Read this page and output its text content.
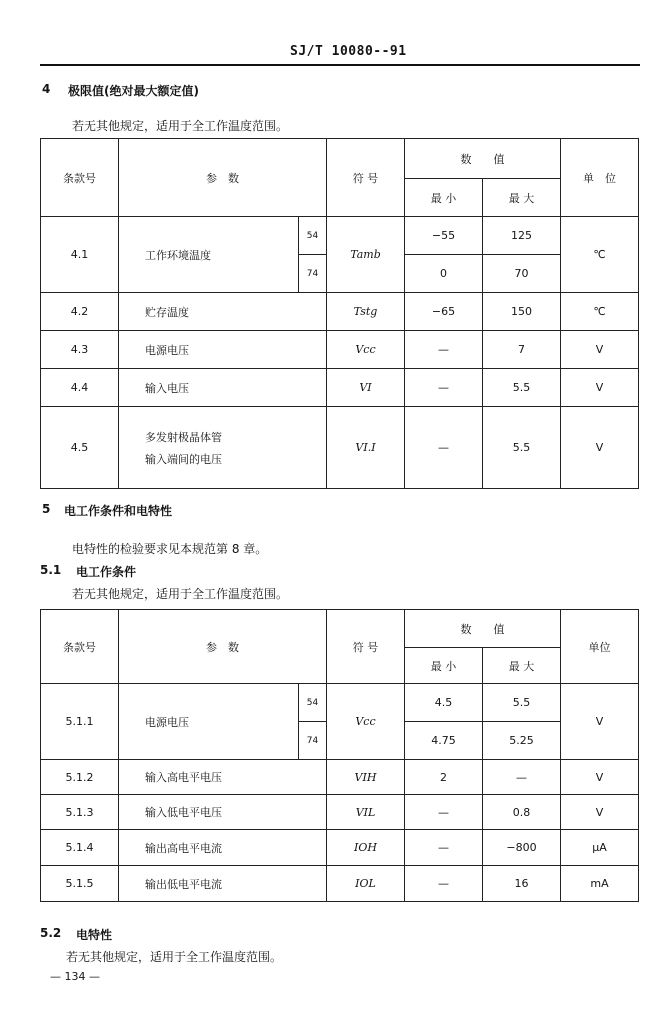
SJ/T 10080--91
4 极限值(绝对最大额定值)
若无其他规定，适用于全工作温度范围。
条款号	参　数		符 号	数　　值		单　位
				最 小	最 大	
4.1	工作环境温度	54	Tamb	−55	125	℃
		74		0	70	
4.2	贮存温度		Tstg	−65	150	℃
4.3	电源电压		Vcc	—	7	V
4.4	输入电压		VI	—	5.5	V
4.5	多发射极晶体管
输入端间的电压		VI.I	—	5.5	V
5 电工作条件和电特性
电特性的检验要求见本规范第 8 章。
5.1 电工作条件
若无其他规定，适用于全工作温度范围。
条款号	参　数		符 号	数　　值		单位
				最 小	最 大	
5.1.1	电源电压	54	Vcc	4.5	5.5	V
		74		4.75	5.25	
5.1.2	输入高电平电压		VIH	2	—	V
5.1.3	输入低电平电压		VIL	—	0.8	V
5.1.4	输出高电平电流		IOH	—	−800	μA
5.1.5	输出低电平电流		IOL	—	16	mA
5.2 电特性
若无其他规定，适用于全工作温度范围。
— 134 —
